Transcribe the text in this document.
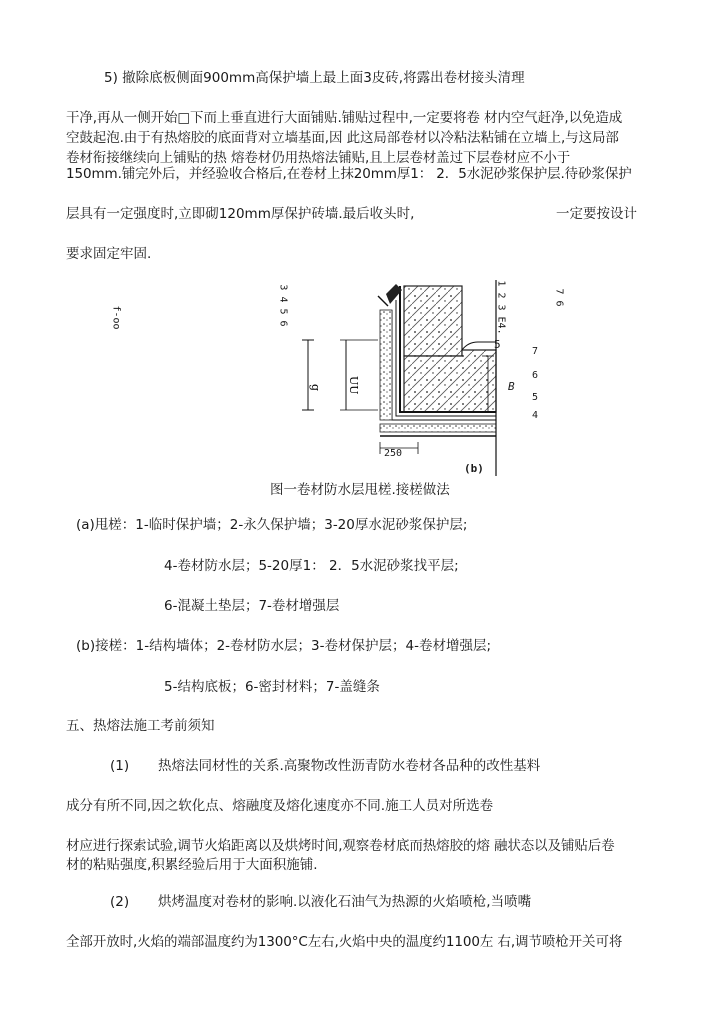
5) 撤除底板侧面900mm高保护墙上最上面3皮砖,将露出卷材接头清理
干净,再从一侧开始□下而上垂直进行大面铺贴.铺贴过程中,一定要将卷 材内空气赶净,以免造成
空鼓起泡.由于有热熔胶的底面背对立墙基面,因 此这局部卷材以冷粘法粘铺在立墙上,与这局部
卷材衔接继续向上铺贴的热 熔卷材仍用热熔法铺贴,且上层卷材盖过下层卷材应不小于
150mm.铺完外后，并经验收合格后,在卷材上抹20mm厚1： 2．5水泥砂浆保护层.待砂浆保护
层具有一定强度时,立即砌120mm厚保护砖墙.最后收头时,	一定要按设计
要求固定牢固.
f-oo	3 4 5 6	1 2 3 E4.	7 6
g UU
5
B
250
(b)
7
6
5
4
图一卷材防水层甩槎.接槎做法
(a)甩槎：1-临时保护墙；2-永久保护墙；3-20厚水泥砂浆保护层;
4-卷材防水层；5-20厚1： 2．5水泥砂浆找平层;
6-混凝土垫层；7-卷材增强层
(b)接槎：1-结构墙体；2-卷材防水层；3-卷材保护层；4-卷材增强层;
5-结构底板；6-密封材料；7-盖缝条
五、热熔法施工考前须知
(1) 热熔法同材性的关系.高聚物改性沥青防水卷材各品种的改性基料
成分有所不同,因之软化点、熔融度及熔化速度亦不同.施工人员对所选卷
材应进行探索试验,调节火焰距离以及烘烤时间,观察卷材底而热熔胶的熔 融状态以及铺贴后卷
材的粘贴强度,积累经验后用于大面积施铺.
(2) 烘烤温度对卷材的影响.以液化石油气为热源的火焰喷枪,当喷嘴
全部开放时,火焰的端部温度约为1300°C左右,火焰中央的温度约1100左 右,调节喷枪开关可将
